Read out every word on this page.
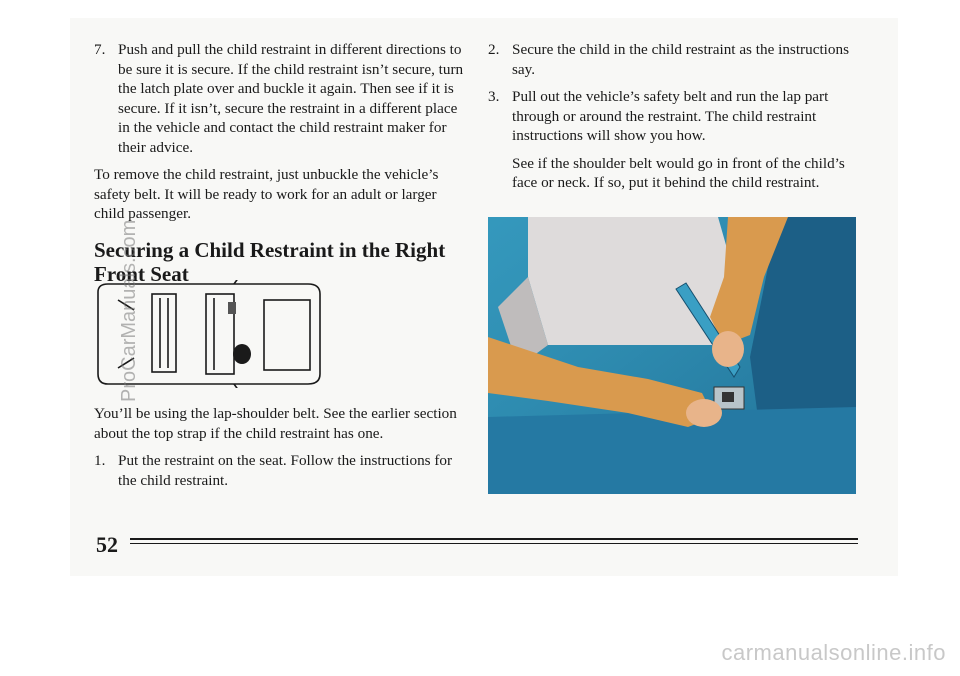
7. Push and pull the child restraint in different directions to be sure it is secure. If the child restraint isn’t secure, turn the latch plate over and buckle it again. Then see if it is secure. If it isn’t, secure the restraint in a different place in the vehicle and contact the child restraint maker for their advice.

To remove the child restraint, just unbuckle the vehicle’s safety belt. It will be ready to work for an adult or larger child passenger.

Securing a Child Restraint in the Right Front Seat

You’ll be using the lap-shoulder belt. See the earlier section about the top strap if the child restraint has one.

1. Put the restraint on the seat. Follow the instructions for the child restraint.
2. Secure the child in the child restraint as the instructions say.
3. Pull out the vehicle’s safety belt and run the lap part through or around the restraint. The child restraint instructions will show you how.

See if the shoulder belt would go in front of the child’s face or neck. If so, put it behind the child restraint.

52
ProCarManuals.com
carmanualsonline.info
